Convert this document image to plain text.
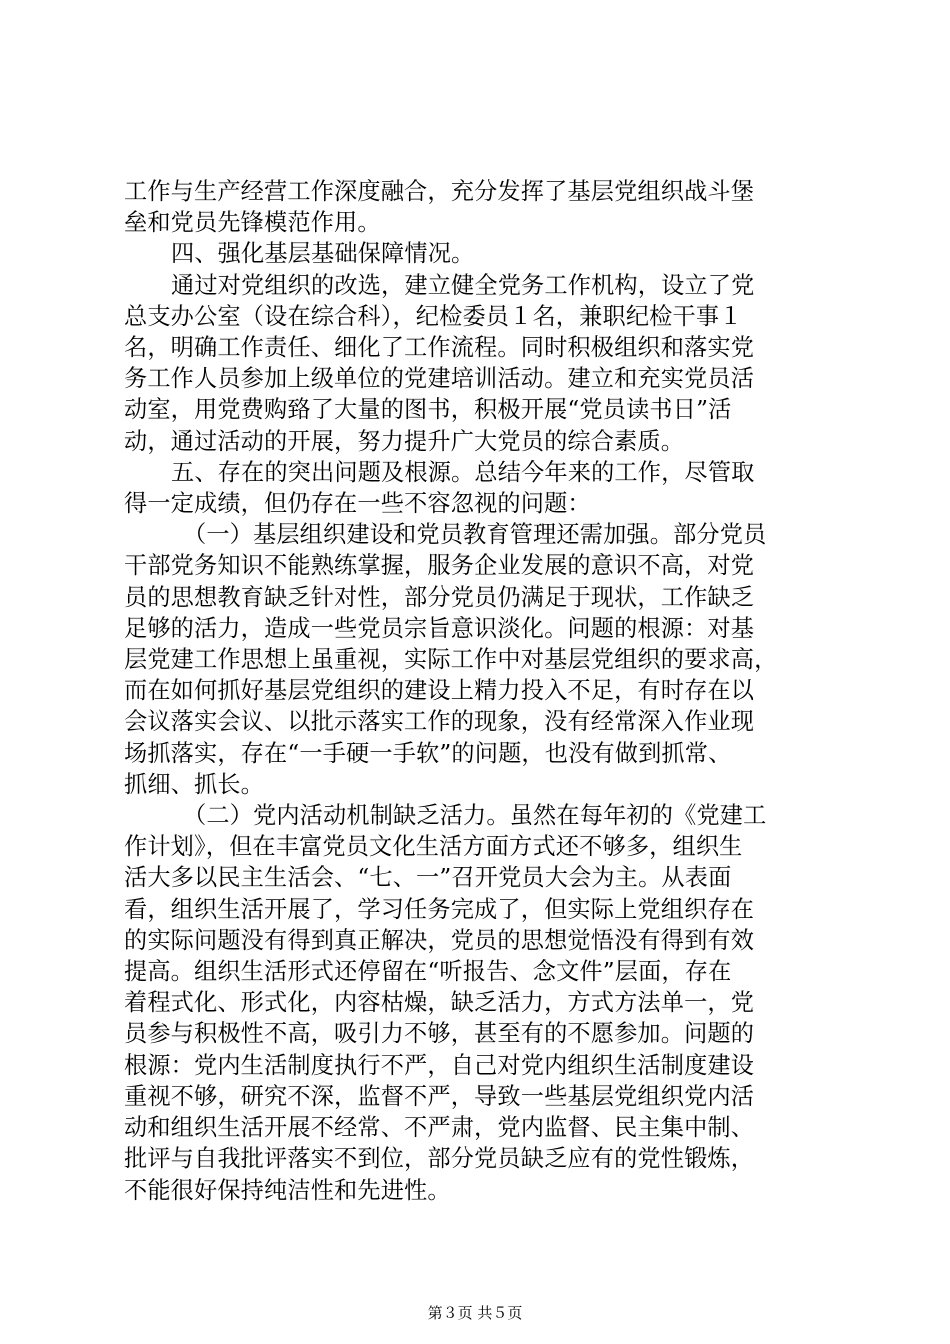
工作与生产经营工作深度融合，充分发挥了基层党组织战斗堡
垒和党员先锋模范作用。
四、强化基层基础保障情况。
通过对党组织的改选，建立健全党务工作机构，设立了党
总支办公室（设在综合科），纪检委员１名，兼职纪检干事１
名，明确工作责任、细化了工作流程。同时积极组织和落实党
务工作人员参加上级单位的党建培训活动。建立和充实党员活
动室，用党费购臵了大量的图书，积极开展“党员读书日”活
动，通过活动的开展，努力提升广大党员的综合素质。
五、存在的突出问题及根源。总结今年来的工作，尽管取
得一定成绩，但仍存在一些不容忽视的问题：
（一）基层组织建设和党员教育管理还需加强。部分党员
干部党务知识不能熟练掌握，服务企业发展的意识不高，对党
员的思想教育缺乏针对性，部分党员仍满足于现状，工作缺乏
足够的活力，造成一些党员宗旨意识淡化。问题的根源：对基
层党建工作思想上虽重视，实际工作中对基层党组织的要求高，
而在如何抓好基层党组织的建设上精力投入不足，有时存在以
会议落实会议、以批示落实工作的现象，没有经常深入作业现
场抓落实，存在“一手硬一手软”的问题，也没有做到抓常、
抓细、抓长。
（二）党内活动机制缺乏活力。虽然在每年初的《党建工
作计划》，但在丰富党员文化生活方面方式还不够多，组织生
活大多以民主生活会、“七、一”召开党员大会为主。从表面
看，组织生活开展了，学习任务完成了，但实际上党组织存在
的实际问题没有得到真正解决，党员的思想觉悟没有得到有效
提高。组织生活形式还停留在“听报告、念文件”层面，存在
着程式化、形式化，内容枯燥，缺乏活力，方式方法单一，党
员参与积极性不高，吸引力不够，甚至有的不愿参加。问题的
根源：党内生活制度执行不严，自己对党内组织生活制度建设
重视不够，研究不深，监督不严，导致一些基层党组织党内活
动和组织生活开展不经常、不严肃，党内监督、民主集中制、
批评与自我批评落实不到位，部分党员缺乏应有的党性锻炼，
不能很好保持纯洁性和先进性。
第３页 共５页
